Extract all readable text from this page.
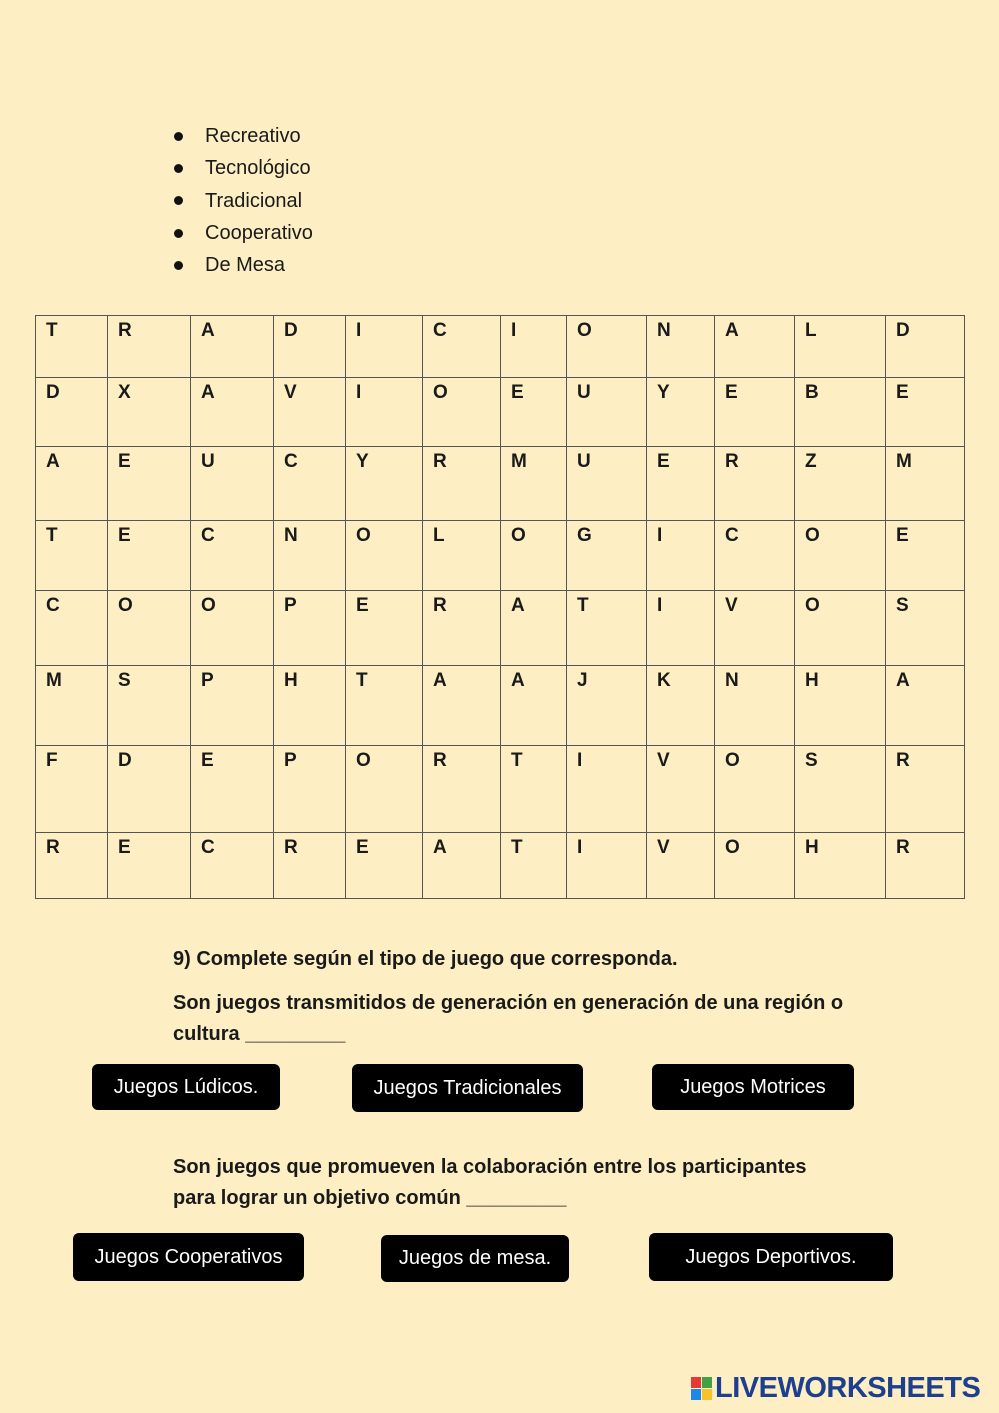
Recreativo
Tecnológico
Tradicional
Cooperativo
De Mesa
T	R	A	D	I	C	I	O	N	A	L	D
D	X	A	V	I	O	E	U	Y	E	B	E
A	E	U	C	Y	R	M	U	E	R	Z	M
T	E	C	N	O	L	O	G	I	C	O	E
C	O	O	P	E	R	A	T	I	V	O	S
M	S	P	H	T	A	A	J	K	N	H	A
F	D	E	P	O	R	T	I	V	O	S	R
R	E	C	R	E	A	T	I	V	O	H	R

9) Complete según el tipo de juego que corresponda.

Son juegos transmitidos de generación en generación de una región o

cultura _________

Juegos Lúdicos.	Juegos Tradicionales	Juegos Motrices

Son juegos que promueven la colaboración entre los participantes

para lograr un objetivo común _________

Juegos Cooperativos	Juegos de mesa.	Juegos Deportivos.
LIVEWORKSHEETS
